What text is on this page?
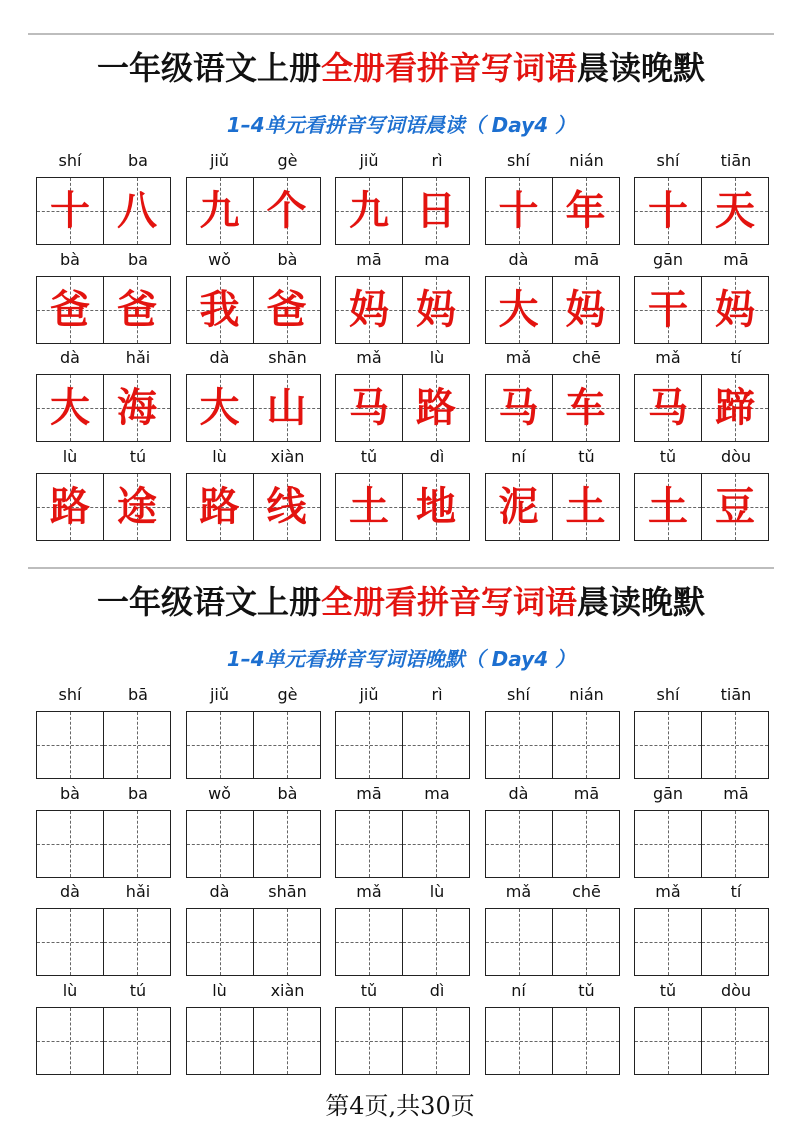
一年级语文上册全册看拼音写词语晨读晚默
1–4单元看拼音写词语晨读（ Day4 ）
shí	ba
十 八
jiǔ	gè
九 个
jiǔ	rì
九 日
shí	nián
十 年
shí	tiān
十 天
bà	ba
爸 爸
wǒ	bà
我 爸
mā	ma
妈 妈
dà	mā
大 妈
gān	mā
干 妈
dà	hǎi
大 海
dà	shān
大 山
mǎ	lù
马 路
mǎ	chē
马 车
mǎ	tí
马 蹄
lù	tú
路 途
lù	xiàn
路 线
tǔ	dì
土 地
ní	tǔ
泥 土
tǔ	dòu
土 豆
一年级语文上册全册看拼音写词语晨读晚默
1–4单元看拼音写词语晚默（ Day4 ）
shí	bā	jiǔ	gè	jiǔ	rì	shí	nián	shí	tiān
bà	ba	wǒ	bà	mā	ma	dà	mā	gān	mā
dà	hǎi	dà	shān	mǎ	lù	mǎ	chē	mǎ	tí
lù	tú	lù	xiàn	tǔ	dì	ní	tǔ	tǔ	dòu
第4页,共30页
